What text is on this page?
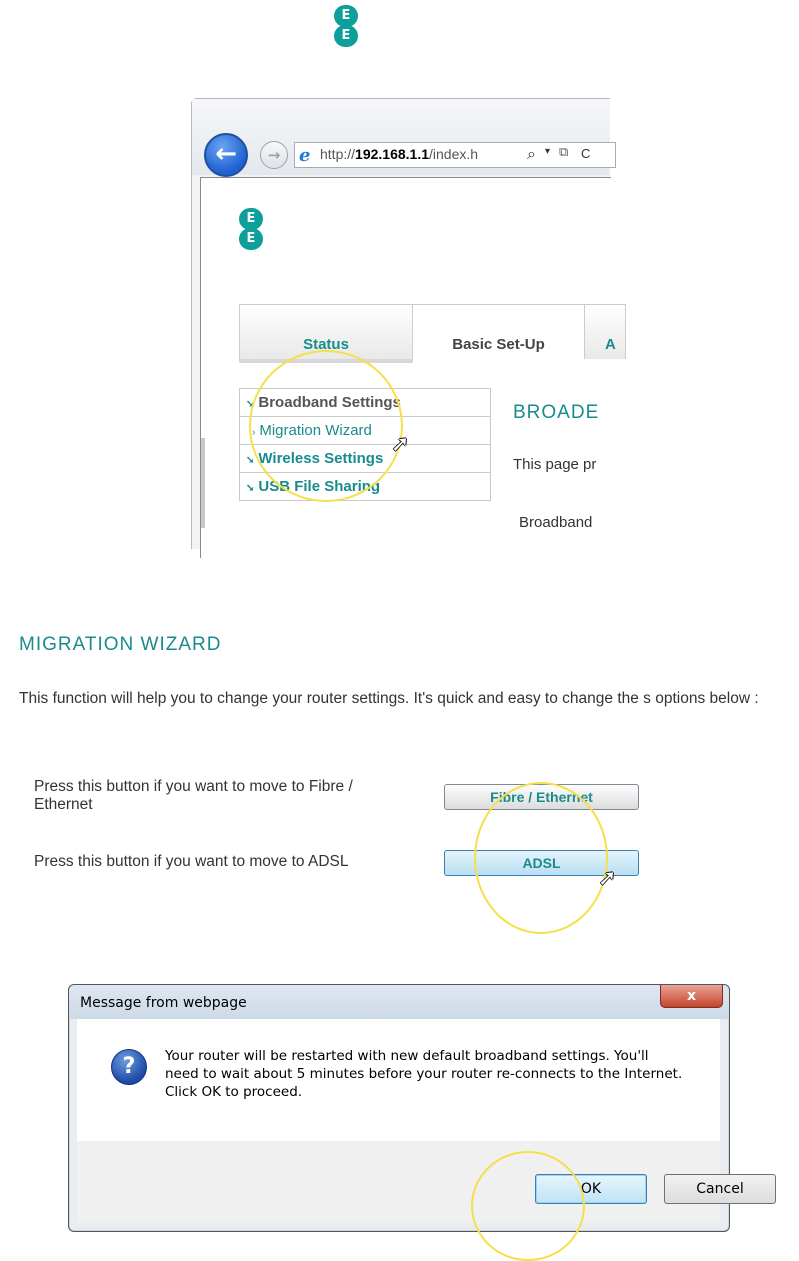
E
E
←	→	e http://192.168.1.1/index.h	⌕ ▾ ⧉ C
E
E
Status	Basic Set-Up	A
➘ Broadband Settings
› Migration Wizard
➘ Wireless Settings
➘ USB File Sharing
BROADE
This page pr
Broadband
➚
MIGRATION WIZARD
This function will help you to change your router settings. It's quick and easy to change the s options below :
Press this button if you want to move to Fibre / Ethernet	Fibre / Ethernet
Press this button if you want to move to ADSL	ADSL
➚
Message from webpage	x
?	Your router will be restarted with new default broadband settings. You'll need to wait about 5 minutes before your router re-connects to the Internet. Click OK to proceed.
OK	Cancel
